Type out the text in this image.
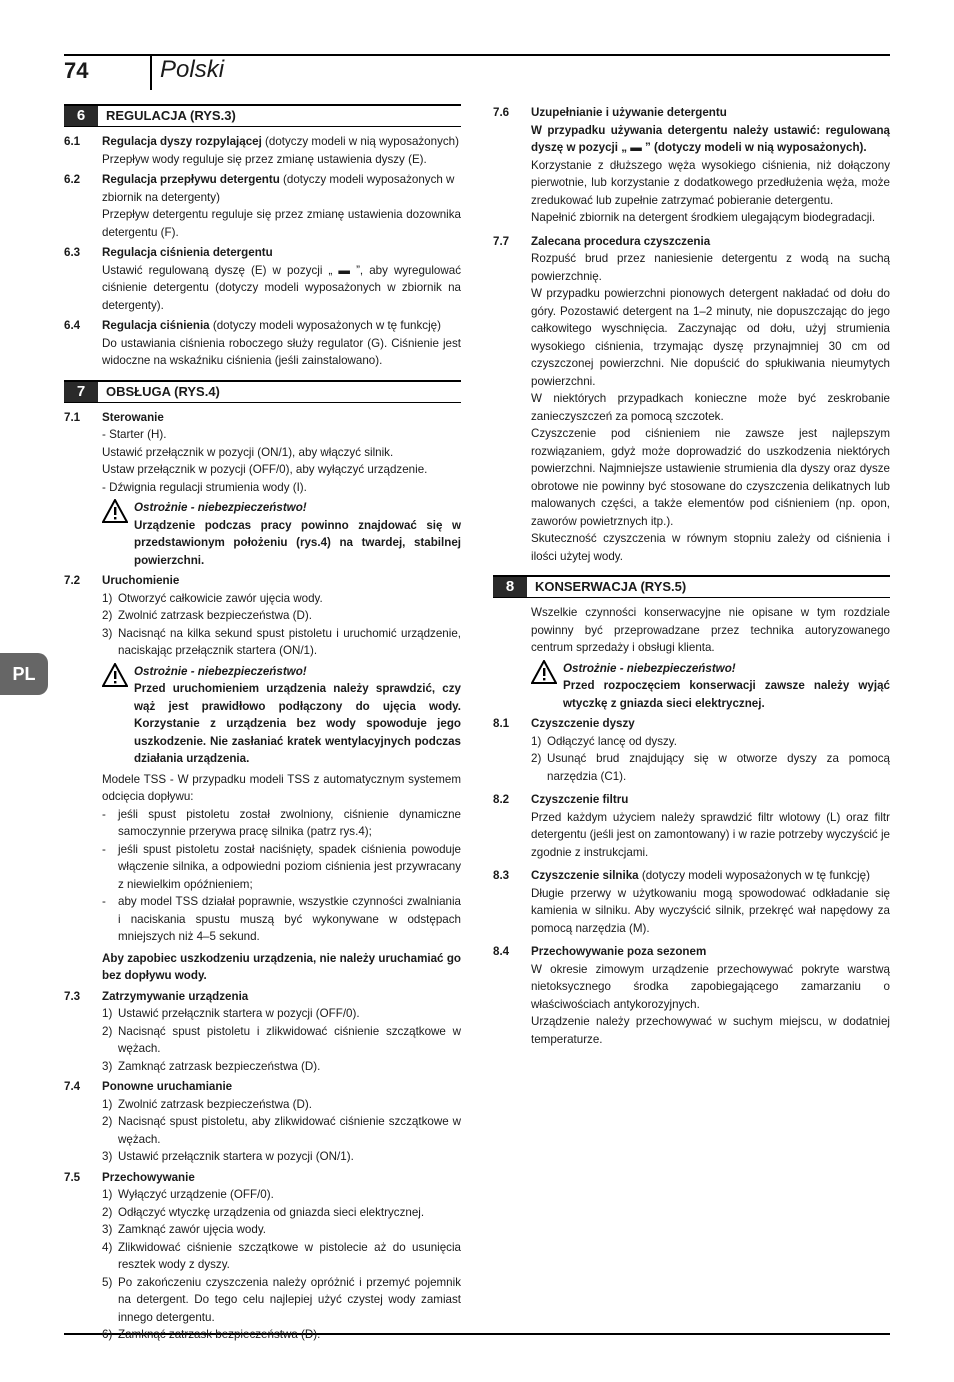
74	Polski
PL
6	REGULACJA (RYS.3)
6.1	Regulacja dyszy rozpylającej (dotyczy modeli w nią wyposażonych)
Przepływ wody reguluje się przez zmianę ustawienia dyszy (E).
6.2	Regulacja przepływu detergentu (dotyczy modeli wyposażonych w zbiornik na detergenty)
Przepływ detergentu reguluje się przez zmianę ustawienia dozownika detergentu (F).
6.3	Regulacja ciśnienia detergentu
Ustawić regulowaną dyszę (E) w pozycji „ ▬ ”, aby wyregulować ciśnienie detergentu (dotyczy modeli wyposażonych w zbiornik na detergenty).
6.4	Regulacja ciśnienia (dotyczy modeli wyposażonych w tę funkcję)
Do ustawiania ciśnienia roboczego służy regulator (G). Ciśnienie jest widoczne na wskaźniku ciśnienia (jeśli zainstalowano).
7	OBSŁUGA (RYS.4)
7.1	Sterowanie
- Starter (H).
Ustawić przełącznik w pozycji (ON/1), aby włączyć silnik.
Ustaw przełącznik w pozycji (OFF/0), aby wyłączyć urządzenie.
- Dźwignia regulacji strumienia wody (I).
Ostrożnie - niebezpieczeństwo!
Urządzenie podczas pracy powinno znajdować się w przedstawionym położeniu (rys.4) na twardej, stabilnej powierzchni.
7.2	Uruchomienie
1) Otworzyć całkowicie zawór ujęcia wody.
2) Zwolnić zatrzask bezpieczeństwa (D).
3) Nacisnąć na kilka sekund spust pistoletu i uruchomić urządzenie, naciskając przełącznik startera (ON/1).
Ostrożnie - niebezpieczeństwo!
Przed uruchomieniem urządzenia należy sprawdzić, czy wąż jest prawidłowo podłączony do ujęcia wody. Korzystanie z urządzenia bez wody spowoduje jego uszkodzenie. Nie zasłaniać kratek wentylacyjnych podczas działania urządzenia.
Modele TSS - W przypadku modeli TSS z automatycznym systemem odcięcia dopływu:
-	jeśli spust pistoletu został zwolniony, ciśnienie dynamiczne samoczynnie przerywa pracę silnika (patrz rys.4);
-	jeśli spust pistoletu został naciśnięty, spadek ciśnienia powoduje włączenie silnika, a odpowiedni poziom ciśnienia jest przywracany z niewielkim opóźnieniem;
-	aby model TSS działał poprawnie, wszystkie czynności zwalniania i naciskania spustu muszą być wykonywane w odstępach mniejszych niż 4–5 sekund.
Aby zapobiec uszkodzeniu urządzenia, nie należy uruchamiać go bez dopływu wody.
7.3	Zatrzymywanie urządzenia
1) Ustawić przełącznik startera w pozycji (OFF/0).
2) Nacisnąć spust pistoletu i zlikwidować ciśnienie szczątkowe w wężach.
3) Zamknąć zatrzask bezpieczeństwa (D).
7.4	Ponowne uruchamianie
1) Zwolnić zatrzask bezpieczeństwa (D).
2) Nacisnąć spust pistoletu, aby zlikwidować ciśnienie szczątkowe w wężach.
3) Ustawić przełącznik startera w pozycji (ON/1).
7.5	Przechowywanie
1) Wyłączyć urządzenie (OFF/0).
2) Odłączyć wtyczkę urządzenia od gniazda sieci elektrycznej.
3) Zamknąć zawór ujęcia wody.
4) Zlikwidować ciśnienie szczątkowe w pistolecie aż do usunięcia resztek wody z dyszy.
5) Po zakończeniu czyszczenia należy opróżnić i przemyć pojemnik na detergent. Do tego celu najlepiej użyć czystej wody zamiast innego detergentu.
6) Zamknąć zatrzask bezpieczeństwa (D).
7.6	Uzupełnianie i używanie detergentu
W przypadku używania detergentu należy ustawić: regulowaną dyszę w pozycji „ ▬ ” (dotyczy modeli w nią wyposażonych).
Korzystanie z dłuższego węża wysokiego ciśnienia, niż dołączony pierwotnie, lub korzystanie z dodatkowego przedłużenia węża, może zredukować lub zupełnie zatrzymać pobieranie detergentu.
Napełnić zbiornik na detergent środkiem ulegającym biodegradacji.
7.7	Zalecana procedura czyszczenia
Rozpuść brud przez naniesienie detergentu z wodą na suchą powierzchnię.
W przypadku powierzchni pionowych detergent nakładać od dołu do góry. Pozostawić detergent na 1–2 minuty, nie dopuszczając do jego całkowitego wyschnięcia. Zaczynając od dołu, użyj strumienia wysokiego ciśnienia, trzymając dyszę przynajmniej 30 cm od czyszczonej powierzchni. Nie dopuścić do spłukiwania nieumytych powierzchni.
W niektórych przypadkach konieczne może być zeskrobanie zanieczyszczeń za pomocą szczotek.
Czyszczenie pod ciśnieniem nie zawsze jest najlepszym rozwiązaniem, gdyż może doprowadzić do uszkodzenia niektórych powierzchni. Najmniejsze ustawienie strumienia dla dyszy oraz dysze obrotowe nie powinny być stosowane do czyszczenia delikatnych lub malowanych części, a także elementów pod ciśnieniem (np. opon, zaworów powietrznych itp.).
Skuteczność czyszczenia w równym stopniu zależy od ciśnienia i ilości użytej wody.
8	KONSERWACJA (RYS.5)
Wszelkie czynności konserwacyjne nie opisane w tym rozdziale powinny być przeprowadzane przez technika autoryzowanego centrum sprzedaży i obsługi klienta.
Ostrożnie - niebezpieczeństwo!
Przed rozpoczęciem konserwacji zawsze należy wyjąć wtyczkę z gniazda sieci elektrycznej.
8.1	Czyszczenie dyszy
1) Odłączyć lancę od dyszy.
2) Usunąć brud znajdujący się w otworze dyszy za pomocą narzędzia (C1).
8.2	Czyszczenie filtru
Przed każdym użyciem należy sprawdzić filtr wlotowy (L) oraz filtr detergentu (jeśli jest on zamontowany) i w razie potrzeby wyczyścić je zgodnie z instrukcjami.
8.3	Czyszczenie silnika (dotyczy modeli wyposażonych w tę funkcję)
Długie przerwy w użytkowaniu mogą spowodować odkładanie się kamienia w silniku. Aby wyczyścić silnik, przekręć wał napędowy za pomocą narzędzia (M).
8.4	Przechowywanie poza sezonem
W okresie zimowym urządzenie przechowywać pokryte warstwą nietoksycznego środka zapobiegającego zamarzaniu o właściwościach antykorozyjnych.
Urządzenie należy przechowywać w suchym miejscu, w dodatniej temperaturze.
